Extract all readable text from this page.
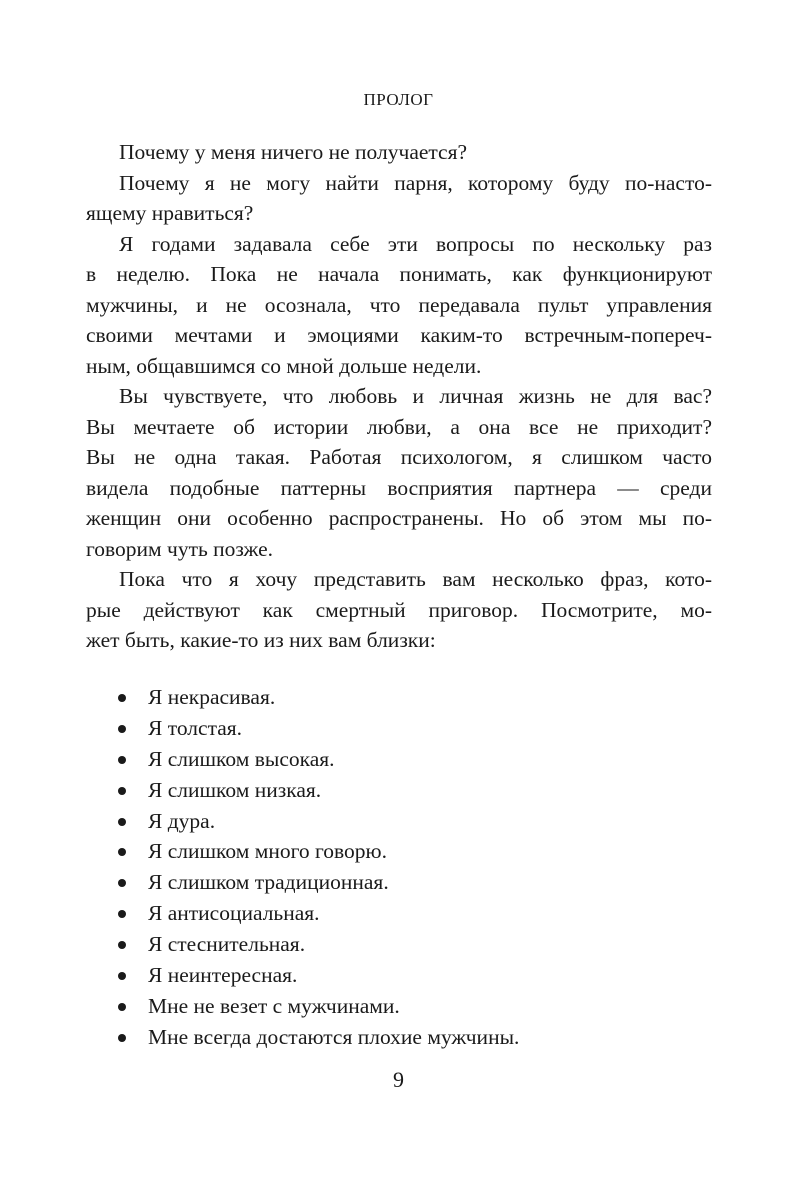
ПРОЛОГ
Почему у меня ничего не получается?
Почему я не могу найти парня, которому буду по-насто-
ящему нравиться?
Я годами задавала себе эти вопросы по нескольку раз
в неделю. Пока не начала понимать, как функционируют
мужчины, и не осознала, что передавала пульт управления
своими мечтами и эмоциями каким-то встречным-попереч-
ным, общавшимся со мной дольше недели.
Вы чувствуете, что любовь и личная жизнь не для вас?
Вы мечтаете об истории любви, а она все не приходит?
Вы не одна такая. Работая психологом, я слишком часто
видела подобные паттерны восприятия партнера — среди
женщин они особенно распространены. Но об этом мы по-
говорим чуть позже.
Пока что я хочу представить вам несколько фраз, кото-
рые действуют как смертный приговор. Посмотрите, мо-
жет быть, какие-то из них вам близки:
Я некрасивая.
Я толстая.
Я слишком высокая.
Я слишком низкая.
Я дура.
Я слишком много говорю.
Я слишком традиционная.
Я антисоциальная.
Я стеснительная.
Я неинтересная.
Мне не везет с мужчинами.
Мне всегда достаются плохие мужчины.
9
